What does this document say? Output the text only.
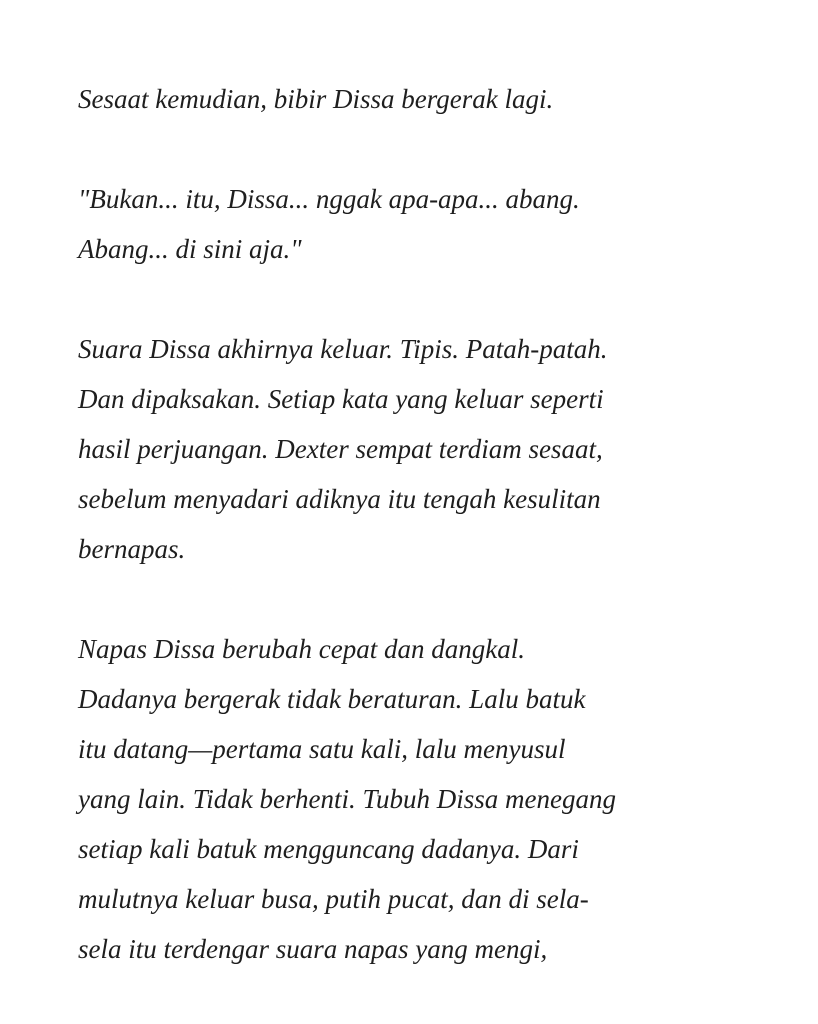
Sesaat kemudian, bibir Dissa bergerak lagi.

"Bukan... itu, Dissa... nggak apa-apa... abang.
Abang... di sini aja."

Suara Dissa akhirnya keluar. Tipis. Patah-patah.
Dan dipaksakan. Setiap kata yang keluar seperti
hasil perjuangan. Dexter sempat terdiam sesaat,
sebelum menyadari adiknya itu tengah kesulitan
bernapas.

Napas Dissa berubah cepat dan dangkal.
Dadanya bergerak tidak beraturan. Lalu batuk
itu datang—pertama satu kali, lalu menyusul
yang lain. Tidak berhenti. Tubuh Dissa menegang
setiap kali batuk mengguncang dadanya. Dari
mulutnya keluar busa, putih pucat, dan di sela-
sela itu terdengar suara napas yang mengi,
